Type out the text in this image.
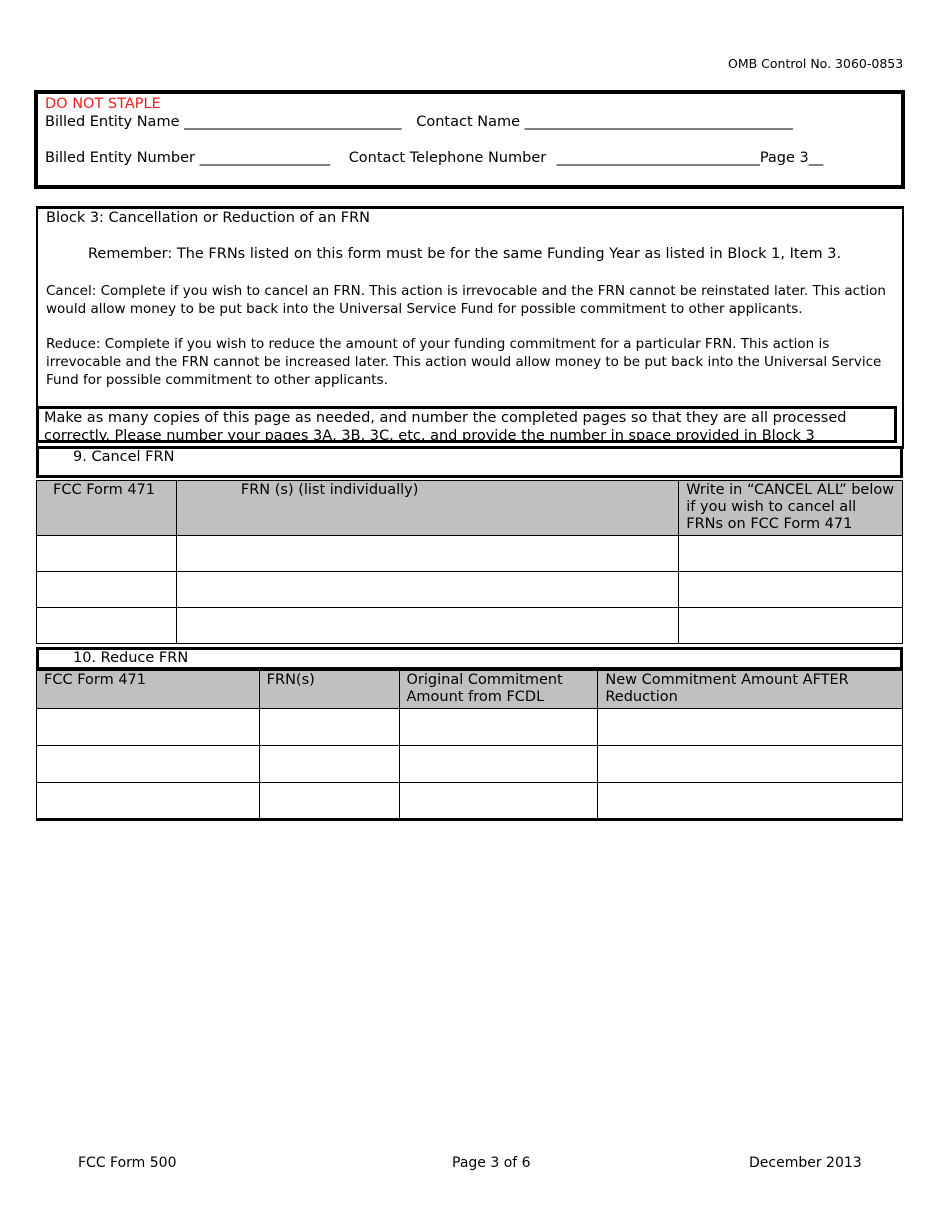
OMB Control No. 3060-0853
DO NOT STAPLE
Billed Entity Name ______________________________ Contact Name _____________________________________
Billed Entity Number __________________ Contact Telephone Number ____________________________Page 3__
Block 3: Cancellation or Reduction of an FRN
Remember: The FRNs listed on this form must be for the same Funding Year as listed in Block 1, Item 3.
Cancel: Complete if you wish to cancel an FRN. This action is irrevocable and the FRN cannot be reinstated later. This action would allow money to be put back into the Universal Service Fund for possible commitment to other applicants.
Reduce: Complete if you wish to reduce the amount of your funding commitment for a particular FRN. This action is irrevocable and the FRN cannot be increased later. This action would allow money to be put back into the Universal Service Fund for possible commitment to other applicants.
Make as many copies of this page as needed, and number the completed pages so that they are all processed correctly. Please number your pages 3A, 3B, 3C, etc. and provide the number in space provided in Block 3
9. Cancel FRN
FCC Form 471	FRN (s) (list individually)	Write in “CANCEL ALL” below if you wish to cancel all FRNs on FCC Form 471

10. Reduce FRN
FCC Form 471	FRN(s)	Original Commitment Amount from FCDL	New Commitment Amount AFTER Reduction

FCC Form 500	Page 3 of 6	December 2013
